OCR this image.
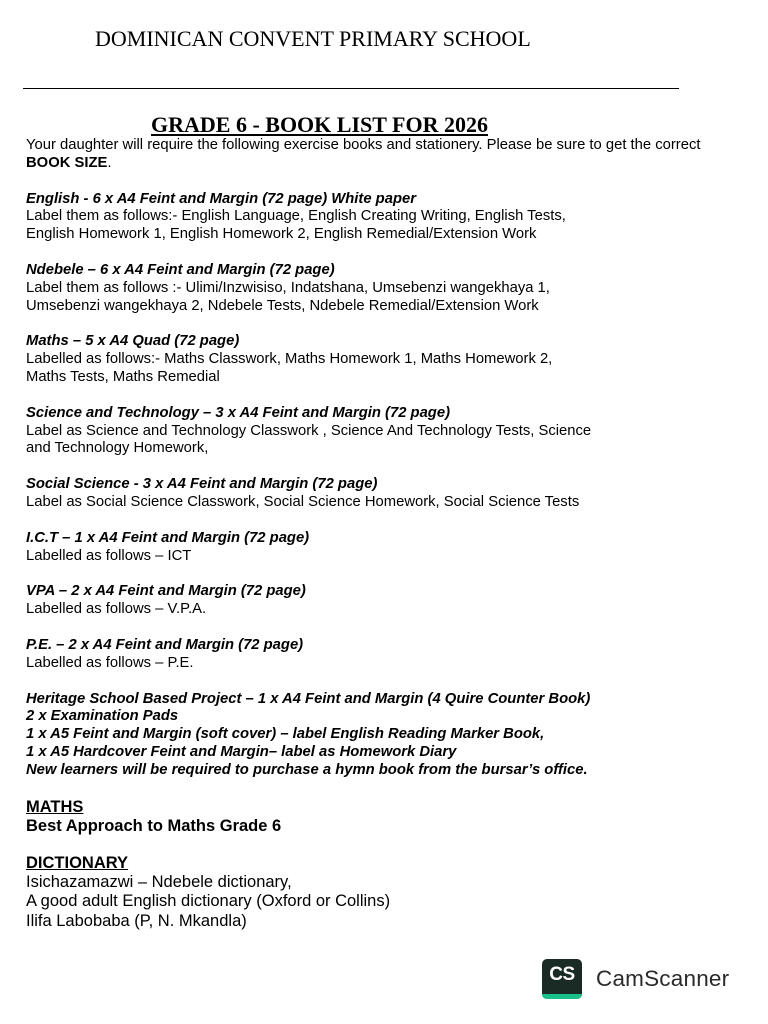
DOMINICAN CONVENT PRIMARY SCHOOL
GRADE 6 - BOOK LIST FOR 2026

Your daughter will require the following exercise books and stationery. Please be sure to get the correct BOOK SIZE.

English - 6 x A4 Feint and Margin (72 page) White paper

Label them as follows:- English Language, English Creating Writing, English Tests,

English Homework 1, English Homework 2, English Remedial/Extension Work

Ndebele – 6 x A4 Feint and Margin (72 page)

Label them as follows :- Ulimi/Inzwisiso, Indatshana, Umsebenzi wangekhaya 1,

Umsebenzi wangekhaya 2, Ndebele Tests, Ndebele Remedial/Extension Work

Maths – 5 x A4 Quad (72 page)

Labelled as follows:- Maths Classwork, Maths Homework 1, Maths Homework 2,

Maths Tests, Maths Remedial

Science and Technology – 3 x A4 Feint and Margin (72 page)

Label as Science and Technology Classwork , Science And Technology Tests, Science

and Technology Homework,

Social Science - 3 x A4 Feint and Margin (72 page)

Label as Social Science Classwork, Social Science Homework, Social Science Tests

I.C.T – 1 x A4 Feint and Margin (72 page)

Labelled as follows – ICT

VPA – 2 x A4 Feint and Margin (72 page)

Labelled as follows – V.P.A.

P.E. – 2 x A4 Feint and Margin (72 page)

Labelled as follows – P.E.

Heritage School Based Project – 1 x A4 Feint and Margin (4 Quire Counter Book)

2 x Examination Pads

1 x A5 Feint and Margin (soft cover) – label English Reading Marker Book,

1 x A5 Hardcover Feint and Margin– label as Homework Diary

New learners will be required to purchase a hymn book from the bursar’s office.

MATHS

Best Approach to Maths Grade 6

DICTIONARY

Isichazamazwi – Ndebele dictionary,

A good adult English dictionary (Oxford or Collins)

Ilifa Labobaba (P, N. Mkandla)

CS CamScanner
